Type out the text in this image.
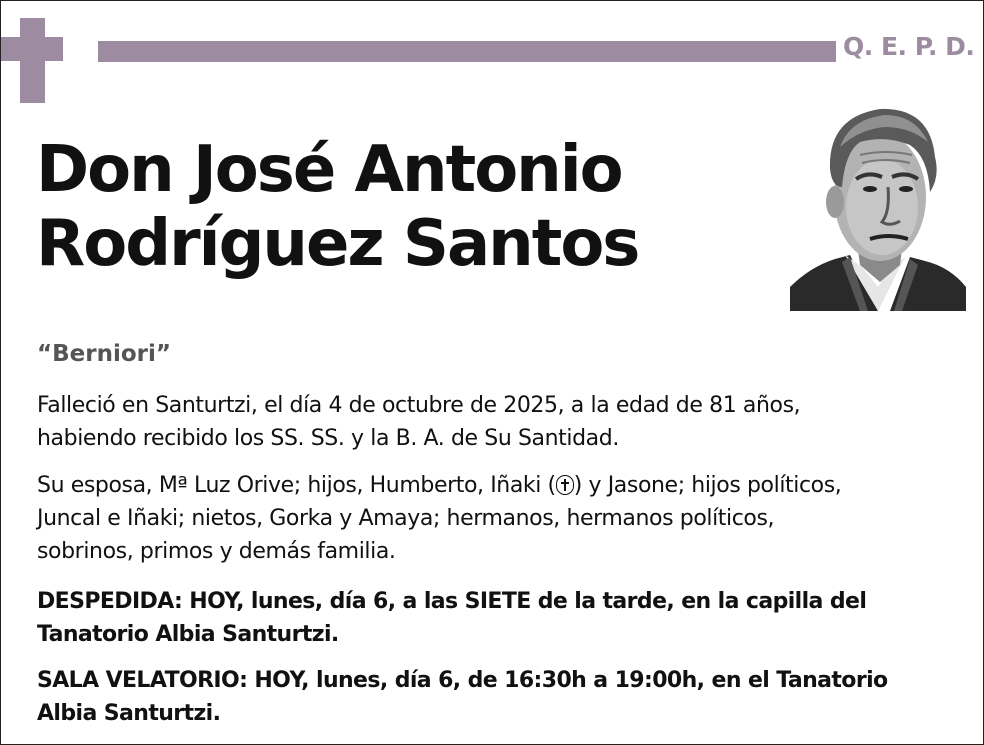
Q. E. P. D.
Don José Antonio
Rodríguez Santos
“Berniori”
Falleció en Santurtzi, el día 4 de octubre de 2025, a la edad de 81 años,
habiendo recibido los SS. SS. y la B. A. de Su Santidad.
Su esposa, Mª Luz Orive; hijos, Humberto, Iñaki ( ) y Jasone; hijos políticos,
Juncal e Iñaki; nietos, Gorka y Amaya; hermanos, hermanos políticos,
sobrinos, primos y demás familia.
DESPEDIDA: HOY, lunes, día 6, a las SIETE de la tarde, en la capilla del
Tanatorio Albia Santurtzi.
SALA VELATORIO: HOY, lunes, día 6, de 16:30h a 19:00h, en el Tanatorio
Albia Santurtzi.
